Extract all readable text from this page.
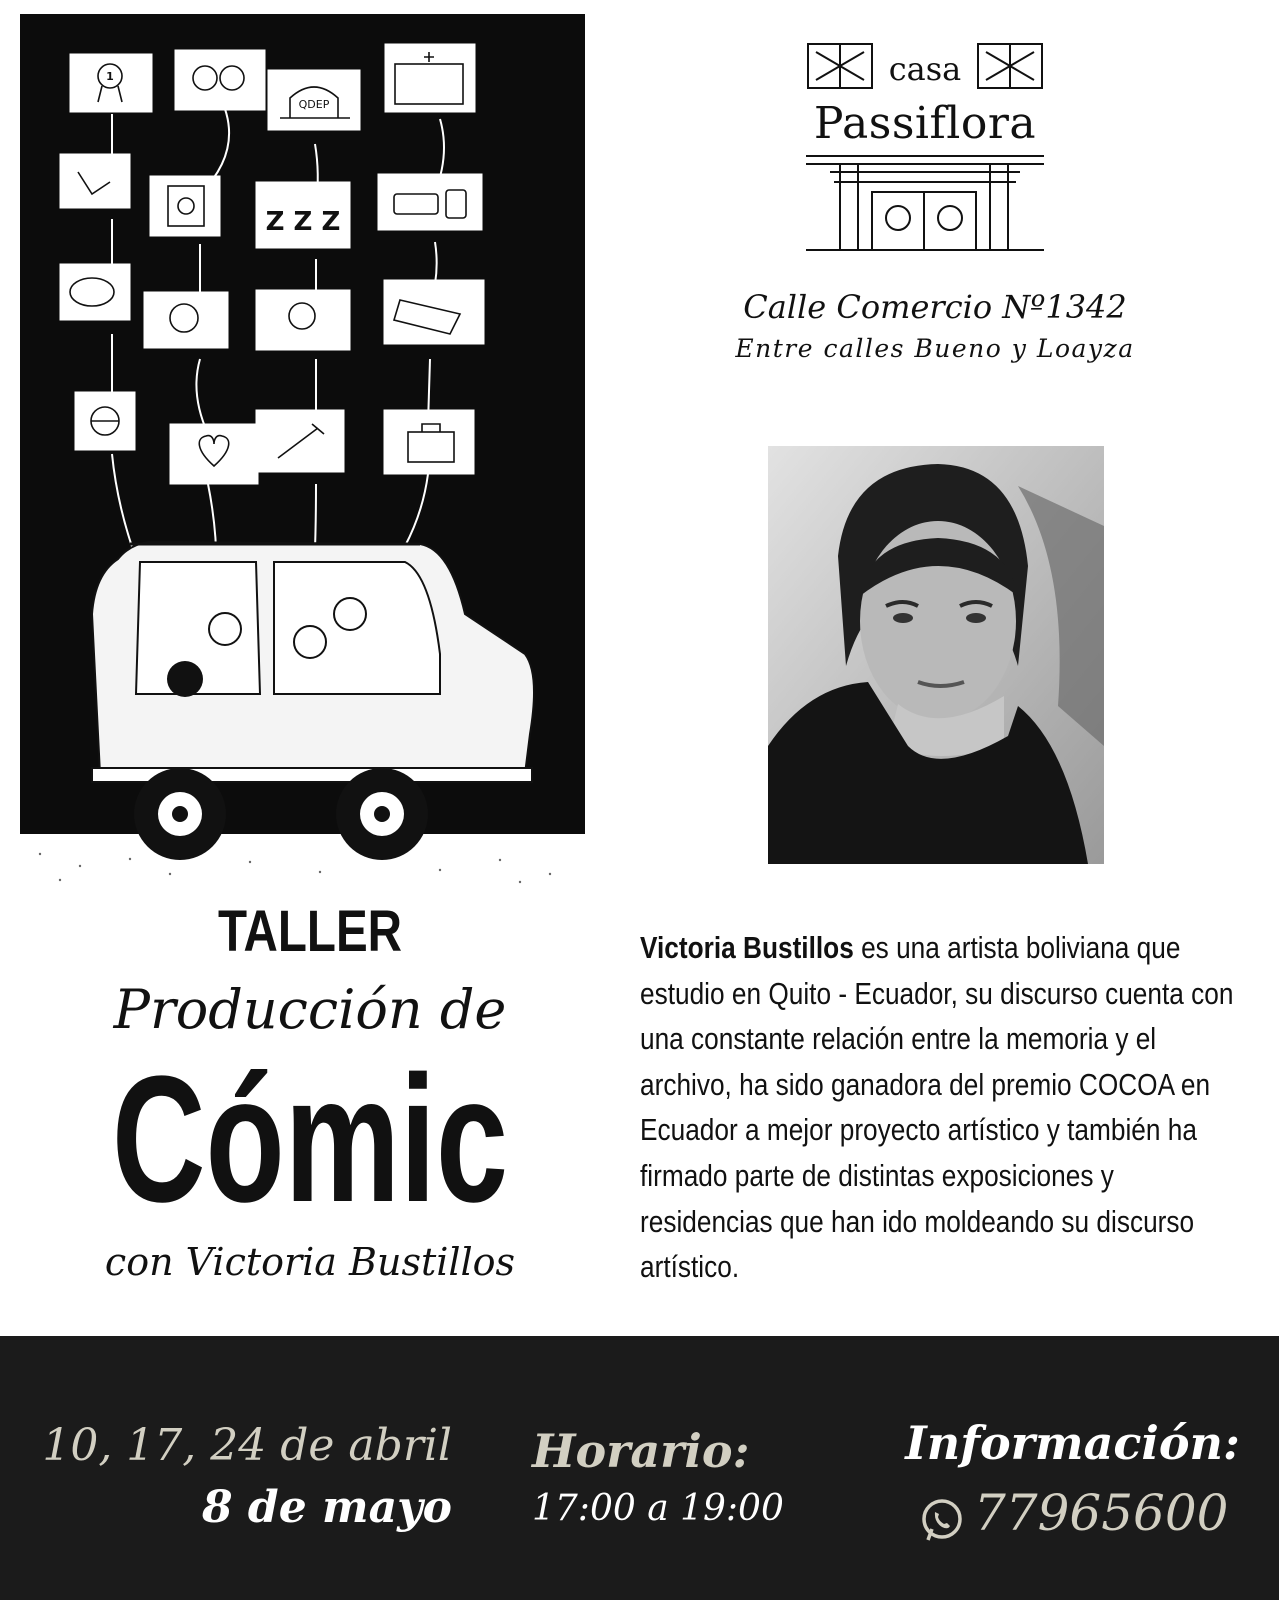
QDEP
Z Z Z
1	casa
Passiflora
Calle Comercio Nº1342
Entre calles Bueno y Loayza
TALLER
Producción de
Cómic
con Victoria Bustillos
Victoria Bustillos es una artista boliviana que estudio en Quito - Ecuador, su discurso cuenta con una constante relación entre la memoria y el archivo, ha sido ganadora del premio COCOA en Ecuador a mejor proyecto artístico y también ha firmado parte de distintas exposiciones y residencias que han ido moldeando su discurso artístico.
10, 17, 24 de abril
8 de mayo
Horario:
17:00 a 19:00
Información:
77965600
